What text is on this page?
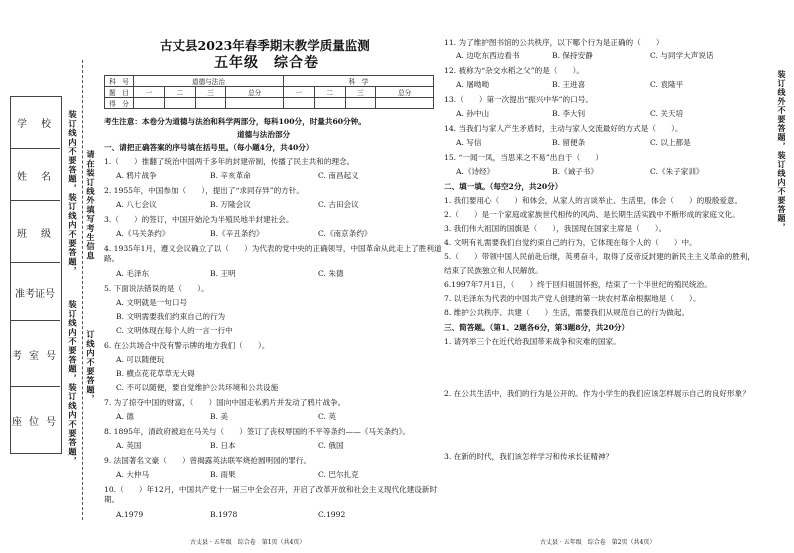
学　校
姓　名
班　级
准考证号
考 室 号
座 位 号
装订线内不要答题，装订线内不要答题，
装订线内不要答题，装订线内不要答题，
请在装订线外填写考生信息
订线内不要答题，
装订线外不要答题，装订线内不要答题，
古丈县2023年春季期末教学质量监测
五年级　综合卷
科　号	道德与法治				科　学			
题　目	一	二	三	总分	一	二	三	总分
得　分								
考生注意：本卷分为道德与法治和科学两部分，每科100分，时量共60分钟。
道德与法治部分
一、请把正确答案的序号填在括号里。（每小题4分，共40分）
1.（　　）推翻了统治中国两千多年的封建帝制，传播了民主共和的理念。
A. 鸦片战争	B. 辛亥革命	C. 南昌起义
2. 1955年，中国参加（　　），提出了“求同存异”的方针。
A. 八七会议	B. 万隆会议	C. 古田会议
3.（　　）的签订，中国开始沦为半殖民地半封建社会。
A.《马关条约》	B.《辛丑条约》	C.《南京条约》
4. 1935年1月，遵义会议确立了以（　　）为代表的党中央的正确领导，中国革命从此走上了胜利道路。
A. 毛泽东	B. 王明	C. 朱德
5. 下面说法错误的是（　　）。
A. 文明就是一句口号
B. 文明需要我们约束自己的行为
C. 文明体现在每个人的一言一行中
6. 在公共场合中没有警示牌的地方我们（　　）。
A. 可以随便玩
B. 横点花花草草无大碍
C. 不可以随便，要自觉维护公共环境和公共设施
7. 为了掠夺中国的财富，（　　）国向中国走私鸦片并发动了鸦片战争。
A. 德	B. 美	C. 英
8. 1895年，清政府被迫在马关与（　　）签订了丧权辱国的不平等条约——《马关条约》。
A. 英国	B. 日本	C. 俄国
9. 法国著名文豪（　　）曾揭露英法联军烧抢圆明园的罪行。
A. 大仲马	B. 雨果	C. 巴尔扎克
10.（　　）年12月，中国共产党十一届三中全会召开，开启了改革开放和社会主义现代化建设新时期。
A.1979	B.1978	C.1992
古丈县 · 五年级　综合卷　第1页（共4页）
11. 为了维护图书馆的公共秩序，以下哪个行为是正确的（　　）
A. 边吃东西边看书	B. 保持安静	C. 与同学大声说话
12. 被称为“杂交水稻之父”的是（　　）。
A. 屠呦呦	B. 王进喜	C. 袁隆平
13.（　　）第一次提出“振兴中华”的口号。
A. 孙中山	B. 李大钊	C. 关天培
14. 当我们与家人产生矛盾时，主动与家人交流最好的方式是（　　）。
A. 写信	B. 留便条	C. 以上都是
15. “一闻一凤，当思来之不易”出自于（　　）
A.《诗经》	B.《诫子书》	C.《朱子家训》
二、填一填。（每空2分，共20分）
1. 我们要用心（　　）和体会，从家人的言谈举止、生活里，体会（　　）的殷殷爱意。
2.（　　）是一个家庭或家族世代相传的风尚、是长期生活实践中不断形成的家庭文化。
3. 我们伟大祖国的国旗是（　　），我国现在国家主席是（　　）。
4. 文明有礼需要我们自觉约束自己的行为，它体现在每个人的（　　）中。
5.（　　）带领中国人民前赴后继，英勇奋斗，取得了反帝反封建的新民主主义革命的胜利，
结束了民族独立和人民解放。
6.1997年7月1日，（　　）终于回归祖国怀抱，结束了一个半世纪的殖民统治。
7. 以毛泽东为代表的中国共产党人创建的第一块农村革命根据地是（　　）。
8. 维护公共秩序、共建（　　）生活，需要我们从规范自己的行为做起。
三、简答题。（第1、2题各6分，第3题8分，共20分）
1. 请列举三个在近代给我国带来战争和灾难的国家。
2. 在公共生活中，我们的行为是公开的。作为小学生的我们应该怎样展示自己的良好形象？
3. 在新的时代，我们该怎样学习和传承长征精神？
古丈县 · 五年级　综合卷　第2页（共4页）
